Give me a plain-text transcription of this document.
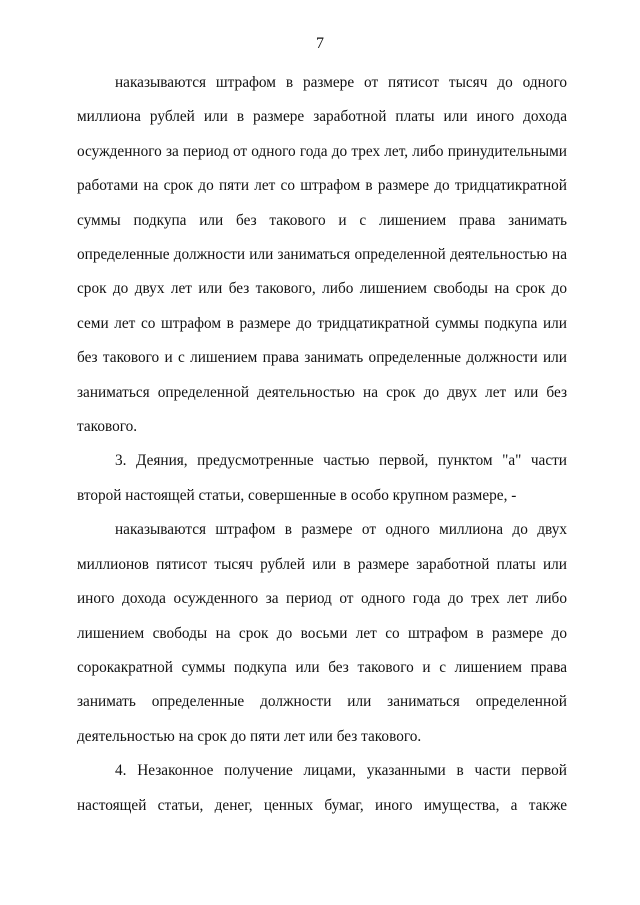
7

наказываются штрафом в размере от пятисот тысяч до одного миллиона рублей или в размере заработной платы или иного дохода осужденного за период от одного года до трех лет, либо принудительными работами на срок до пяти лет со штрафом в размере до тридцатикратной суммы подкупа или без такового и с лишением права занимать определенные должности или заниматься определенной деятельностью на срок до двух лет или без такового, либо лишением свободы на срок до семи лет со штрафом в размере до тридцатикратной суммы подкупа или без такового и с лишением права занимать определенные должности или заниматься определенной деятельностью на срок до двух лет или без такового.

3. Деяния, предусмотренные частью первой, пунктом "а" части второй настоящей статьи, совершенные в особо крупном размере, -

наказываются штрафом в размере от одного миллиона до двух миллионов пятисот тысяч рублей или в размере заработной платы или иного дохода осужденного за период от одного года до трех лет либо лишением свободы на срок до восьми лет со штрафом в размере до сорокакратной суммы подкупа или без такового и с лишением права занимать определенные должности или заниматься определенной деятельностью на срок до пяти лет или без такового.

4. Незаконное получение лицами, указанными в части первой настоящей статьи, денег, ценных бумаг, иного имущества, а также
